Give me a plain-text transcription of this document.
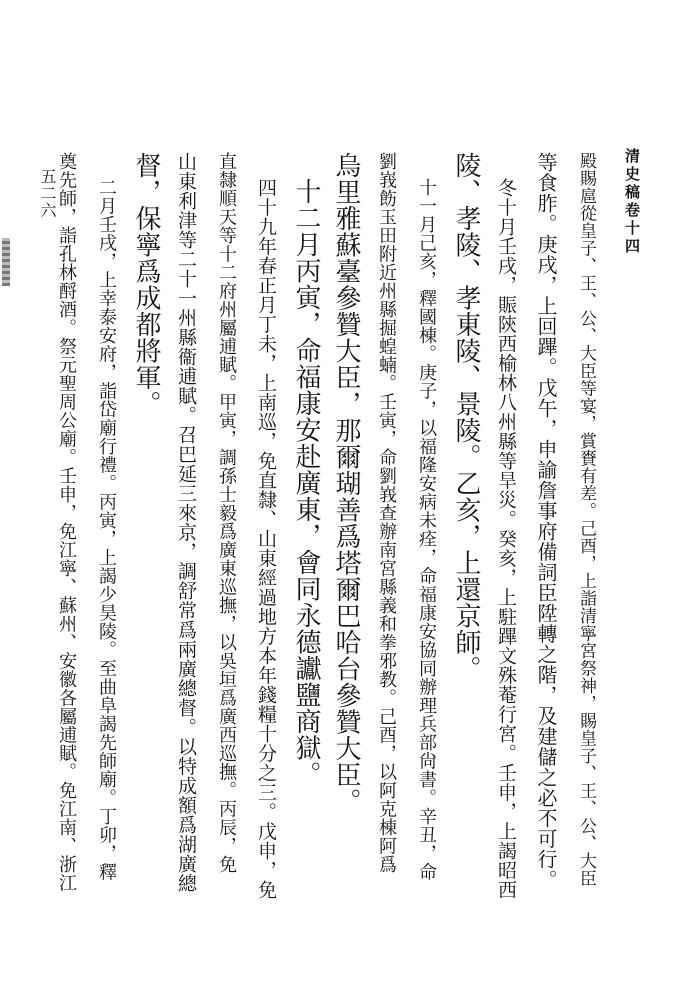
清史稿卷十四
五二六	殿賜扈從皇子、王、公、大臣等宴，賞賚有差。己酉，上詣清寧宮祭神，賜皇子、王、公、大臣

等食胙。庚戌，上回蹕。戊午，申諭詹事府備詞臣陞轉之階，及建儲之必不可行。

冬十月壬戌，賑陝西榆林八州縣等旱災。癸亥，上駐蹕文殊菴行宮。壬申，上謁昭西

陵、孝陵、孝東陵、景陵。乙亥，上還京師。

十一月己亥，釋國棟。庚子，以福隆安病未痊，命福康安協同辦理兵部尙書。辛丑，命

劉峩飭玉田附近州縣掘蝗蝻。壬寅，命劉峩查辦南宮縣義和拳邪教。己酉，以阿克棟阿爲

烏里雅蘇臺參贊大臣，那爾瑚善爲塔爾巴哈台參贊大臣。

十二月丙寅，命福康安赴廣東，會同永德讞鹽商獄。

四十九年春正月丁未，上南巡，免直隸、山東經過地方本年錢糧十分之三。戊申，免

直隸順天等十二府州屬逋賦。甲寅，調孫士毅爲廣東巡撫，以吳垣爲廣西巡撫。丙辰，免

山東利津等二十一州縣衞逋賦。召巴延三來京，調舒常爲兩廣總督。以特成額爲湖廣總

督，保寧爲成都將軍。

二月壬戌，上幸泰安府，詣岱廟行禮。丙寅，上謁少昊陵。至曲阜謁先師廟。丁卯，釋

奠先師，詣孔林酹酒。祭元聖周公廟。壬申，免江寧、蘇州、安徽各屬逋賦。免江南、浙江
